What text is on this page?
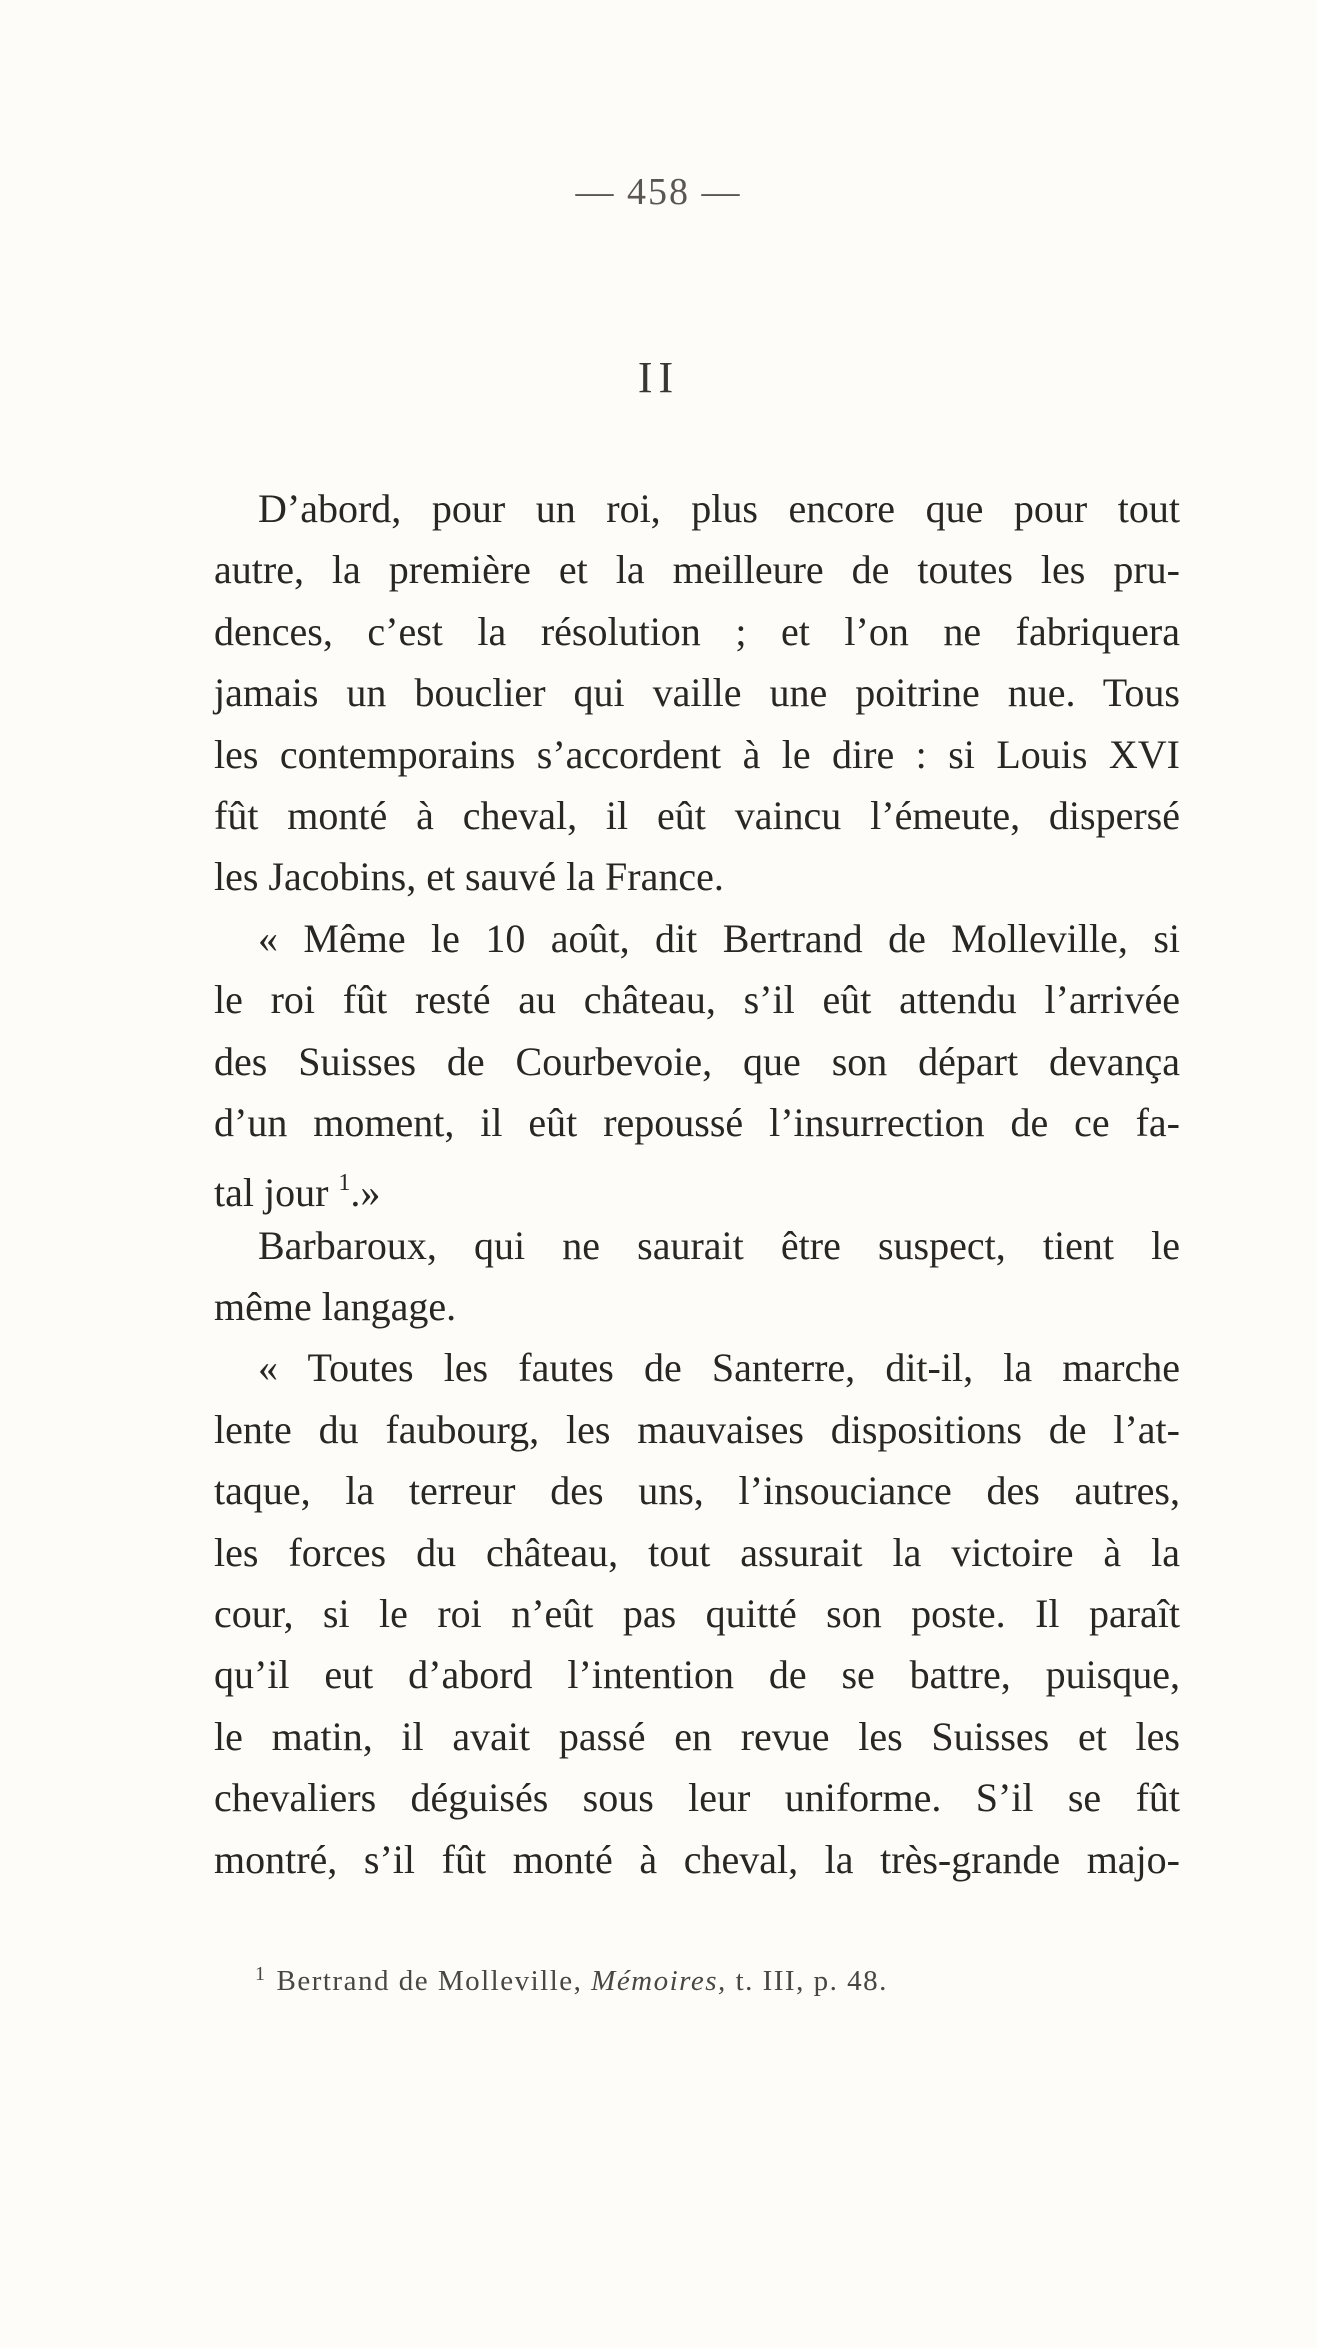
— 458 —
II
D’abord, pour un roi, plus encore que pour tout
autre, la première et la meilleure de toutes les pru-
dences, c’est la résolution ; et l’on ne fabriquera
jamais un bouclier qui vaille une poitrine nue. Tous
les contemporains s’accordent à le dire : si Louis XVI
fût monté à cheval, il eût vaincu l’émeute, dispersé
les Jacobins, et sauvé la France.
« Même le 10 août, dit Bertrand de Molleville, si
le roi fût resté au château, s’il eût attendu l’arrivée
des Suisses de Courbevoie, que son départ devança
d’un moment, il eût repoussé l’insurrection de ce fa-
tal jour $^1$.»
Barbaroux, qui ne saurait être suspect, tient le
même langage.
« Toutes les fautes de Santerre, dit-il, la marche
lente du faubourg, les mauvaises dispositions de l’at-
taque, la terreur des uns, l’insouciance des autres,
les forces du château, tout assurait la victoire à la
cour, si le roi n’eût pas quitté son poste. Il paraît
qu’il eut d’abord l’intention de se battre, puisque,
le matin, il avait passé en revue les Suisses et les
chevaliers déguisés sous leur uniforme. S’il se fût
montré, s’il fût monté à cheval, la très-grande majo-
$^1$ Bertrand de Molleville, Mémoires, t. III, p. 48.
